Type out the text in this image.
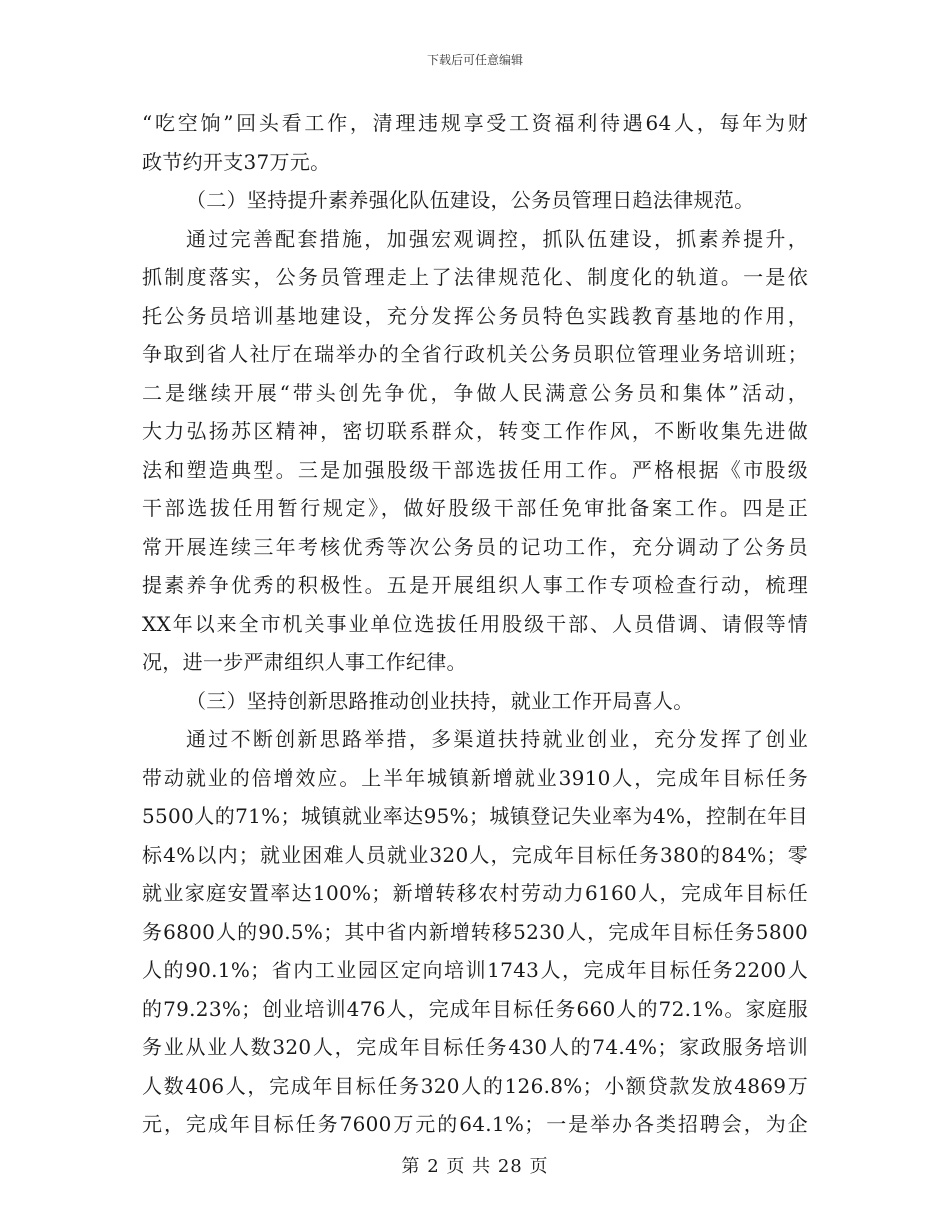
下载后可任意编辑
“吃空饷”回头看工作，清理违规享受工资福利待遇64人，每年为财
政节约开支37万元。
（二）坚持提升素养强化队伍建设，公务员管理日趋法律规范。
通过完善配套措施，加强宏观调控，抓队伍建设，抓素养提升，
抓制度落实，公务员管理走上了法律规范化、制度化的轨道。一是依
托公务员培训基地建设，充分发挥公务员特色实践教育基地的作用，
争取到省人社厅在瑞举办的全省行政机关公务员职位管理业务培训班；
二是继续开展“带头创先争优，争做人民满意公务员和集体”活动，
大力弘扬苏区精神，密切联系群众，转变工作作风，不断收集先进做
法和塑造典型。三是加强股级干部选拔任用工作。严格根据《市股级
干部选拔任用暂行规定》，做好股级干部任免审批备案工作。四是正
常开展连续三年考核优秀等次公务员的记功工作，充分调动了公务员
提素养争优秀的积极性。五是开展组织人事工作专项检查行动，梳理
XX年以来全市机关事业单位选拔任用股级干部、人员借调、请假等情
况，进一步严肃组织人事工作纪律。
（三）坚持创新思路推动创业扶持，就业工作开局喜人。
通过不断创新思路举措，多渠道扶持就业创业，充分发挥了创业
带动就业的倍增效应。上半年城镇新增就业3910人，完成年目标任务
5500人的71%；城镇就业率达95%；城镇登记失业率为4%，控制在年目
标4%以内；就业困难人员就业320人，完成年目标任务380的84%；零
就业家庭安置率达100%；新增转移农村劳动力6160人，完成年目标任
务6800人的90.5%；其中省内新增转移5230人，完成年目标任务5800
人的90.1%；省内工业园区定向培训1743人，完成年目标任务2200人
的79.23%；创业培训476人，完成年目标任务660人的72.1%。家庭服
务业从业人数320人，完成年目标任务430人的74.4%；家政服务培训
人数406人，完成年目标任务320人的126.8%；小额贷款发放4869万
元，完成年目标任务7600万元的64.1%；一是举办各类招聘会，为企
第 2 页 共 28 页
